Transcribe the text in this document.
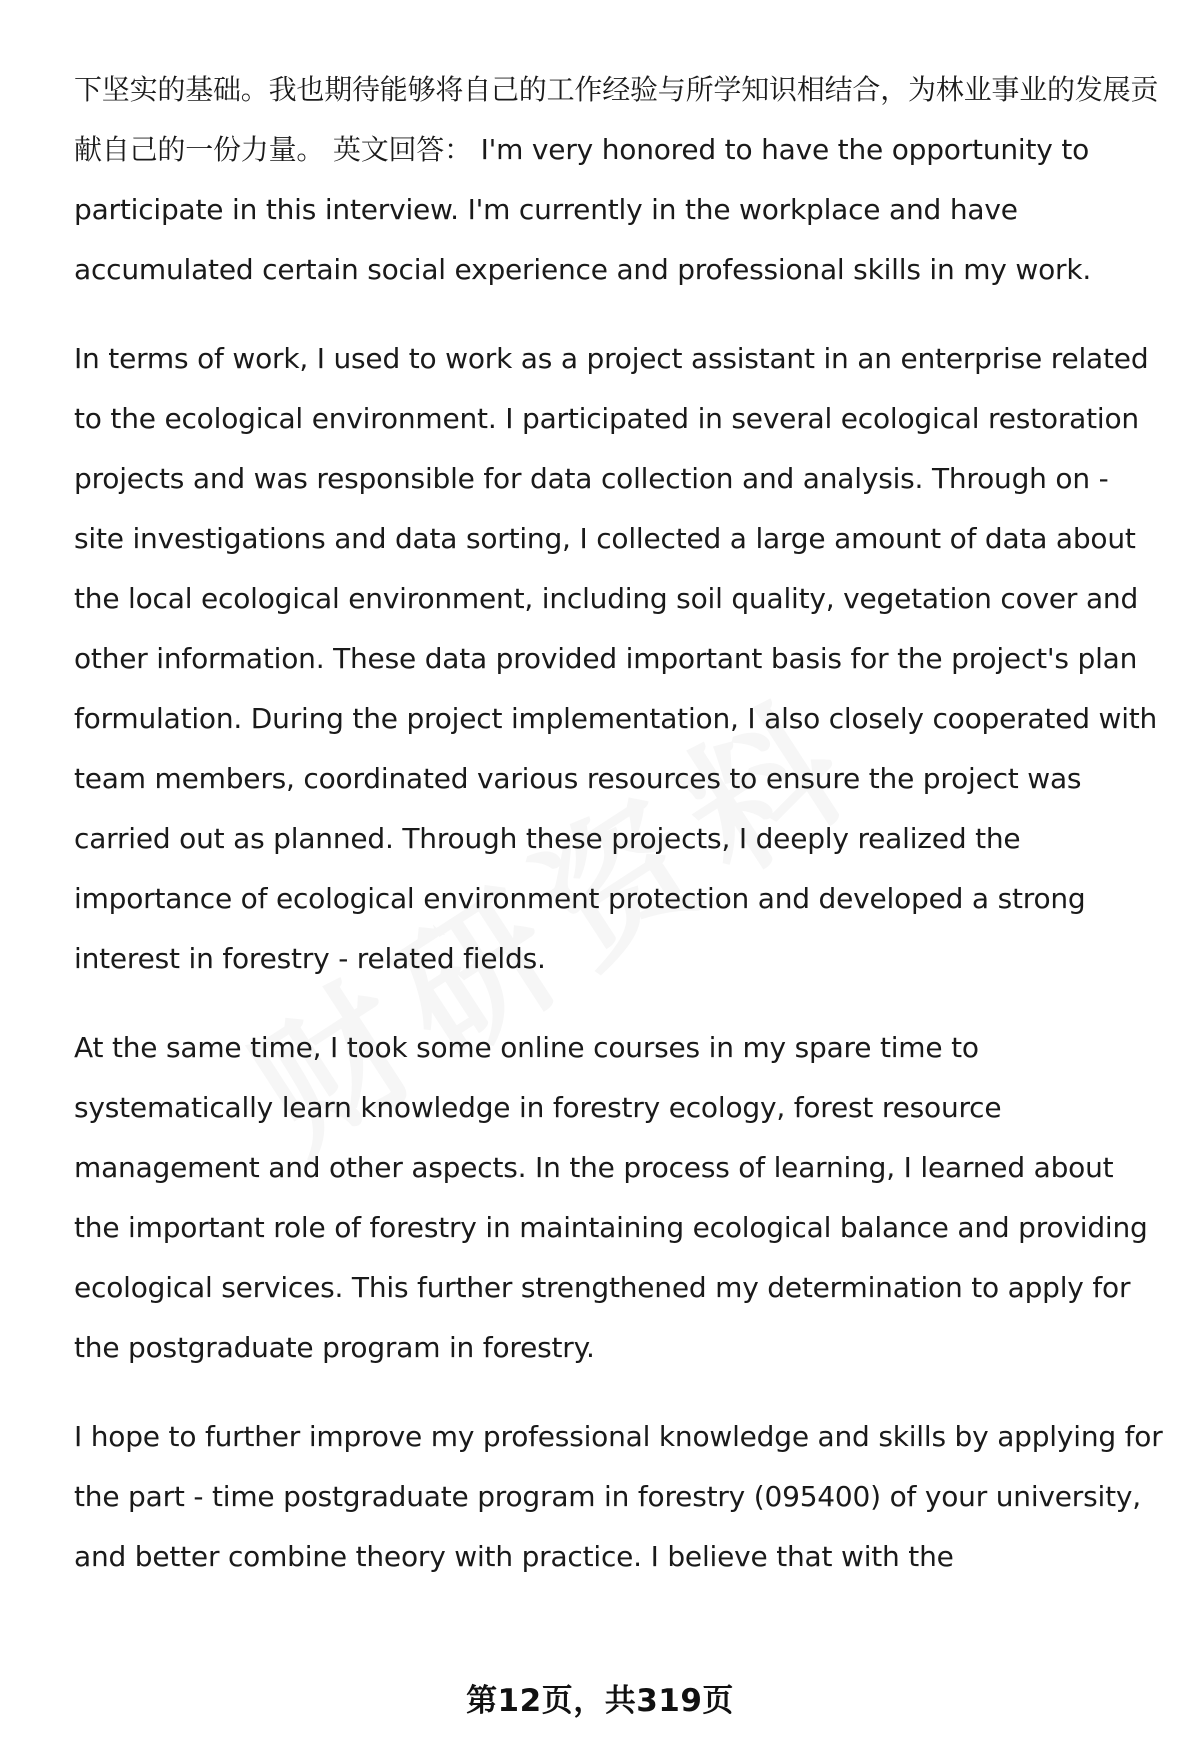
下坚实的基础。我也期待能够将自己的工作经验与所学知识相结合，为林业事业的发展贡献自己的一份力量。 英文回答： I'm very honored to have the opportunity to participate in this interview. I'm currently in the workplace and have accumulated certain social experience and professional skills in my work.

In terms of work, I used to work as a project assistant in an enterprise related to the ecological environment. I participated in several ecological restoration projects and was responsible for data collection and analysis. Through on - site investigations and data sorting, I collected a large amount of data about the local ecological environment, including soil quality, vegetation cover and other information. These data provided important basis for the project's plan formulation. During the project implementation, I also closely cooperated with team members, coordinated various resources to ensure the project was carried out as planned. Through these projects, I deeply realized the importance of ecological environment protection and developed a strong interest in forestry - related fields.

At the same time, I took some online courses in my spare time to systematically learn knowledge in forestry ecology, forest resource management and other aspects. In the process of learning, I learned about the important role of forestry in maintaining ecological balance and providing ecological services. This further strengthened my determination to apply for the postgraduate program in forestry.

I hope to further improve my professional knowledge and skills by applying for the part - time postgraduate program in forestry (095400) of your university, and better combine theory with practice. I believe that with the

第12页，共319页
